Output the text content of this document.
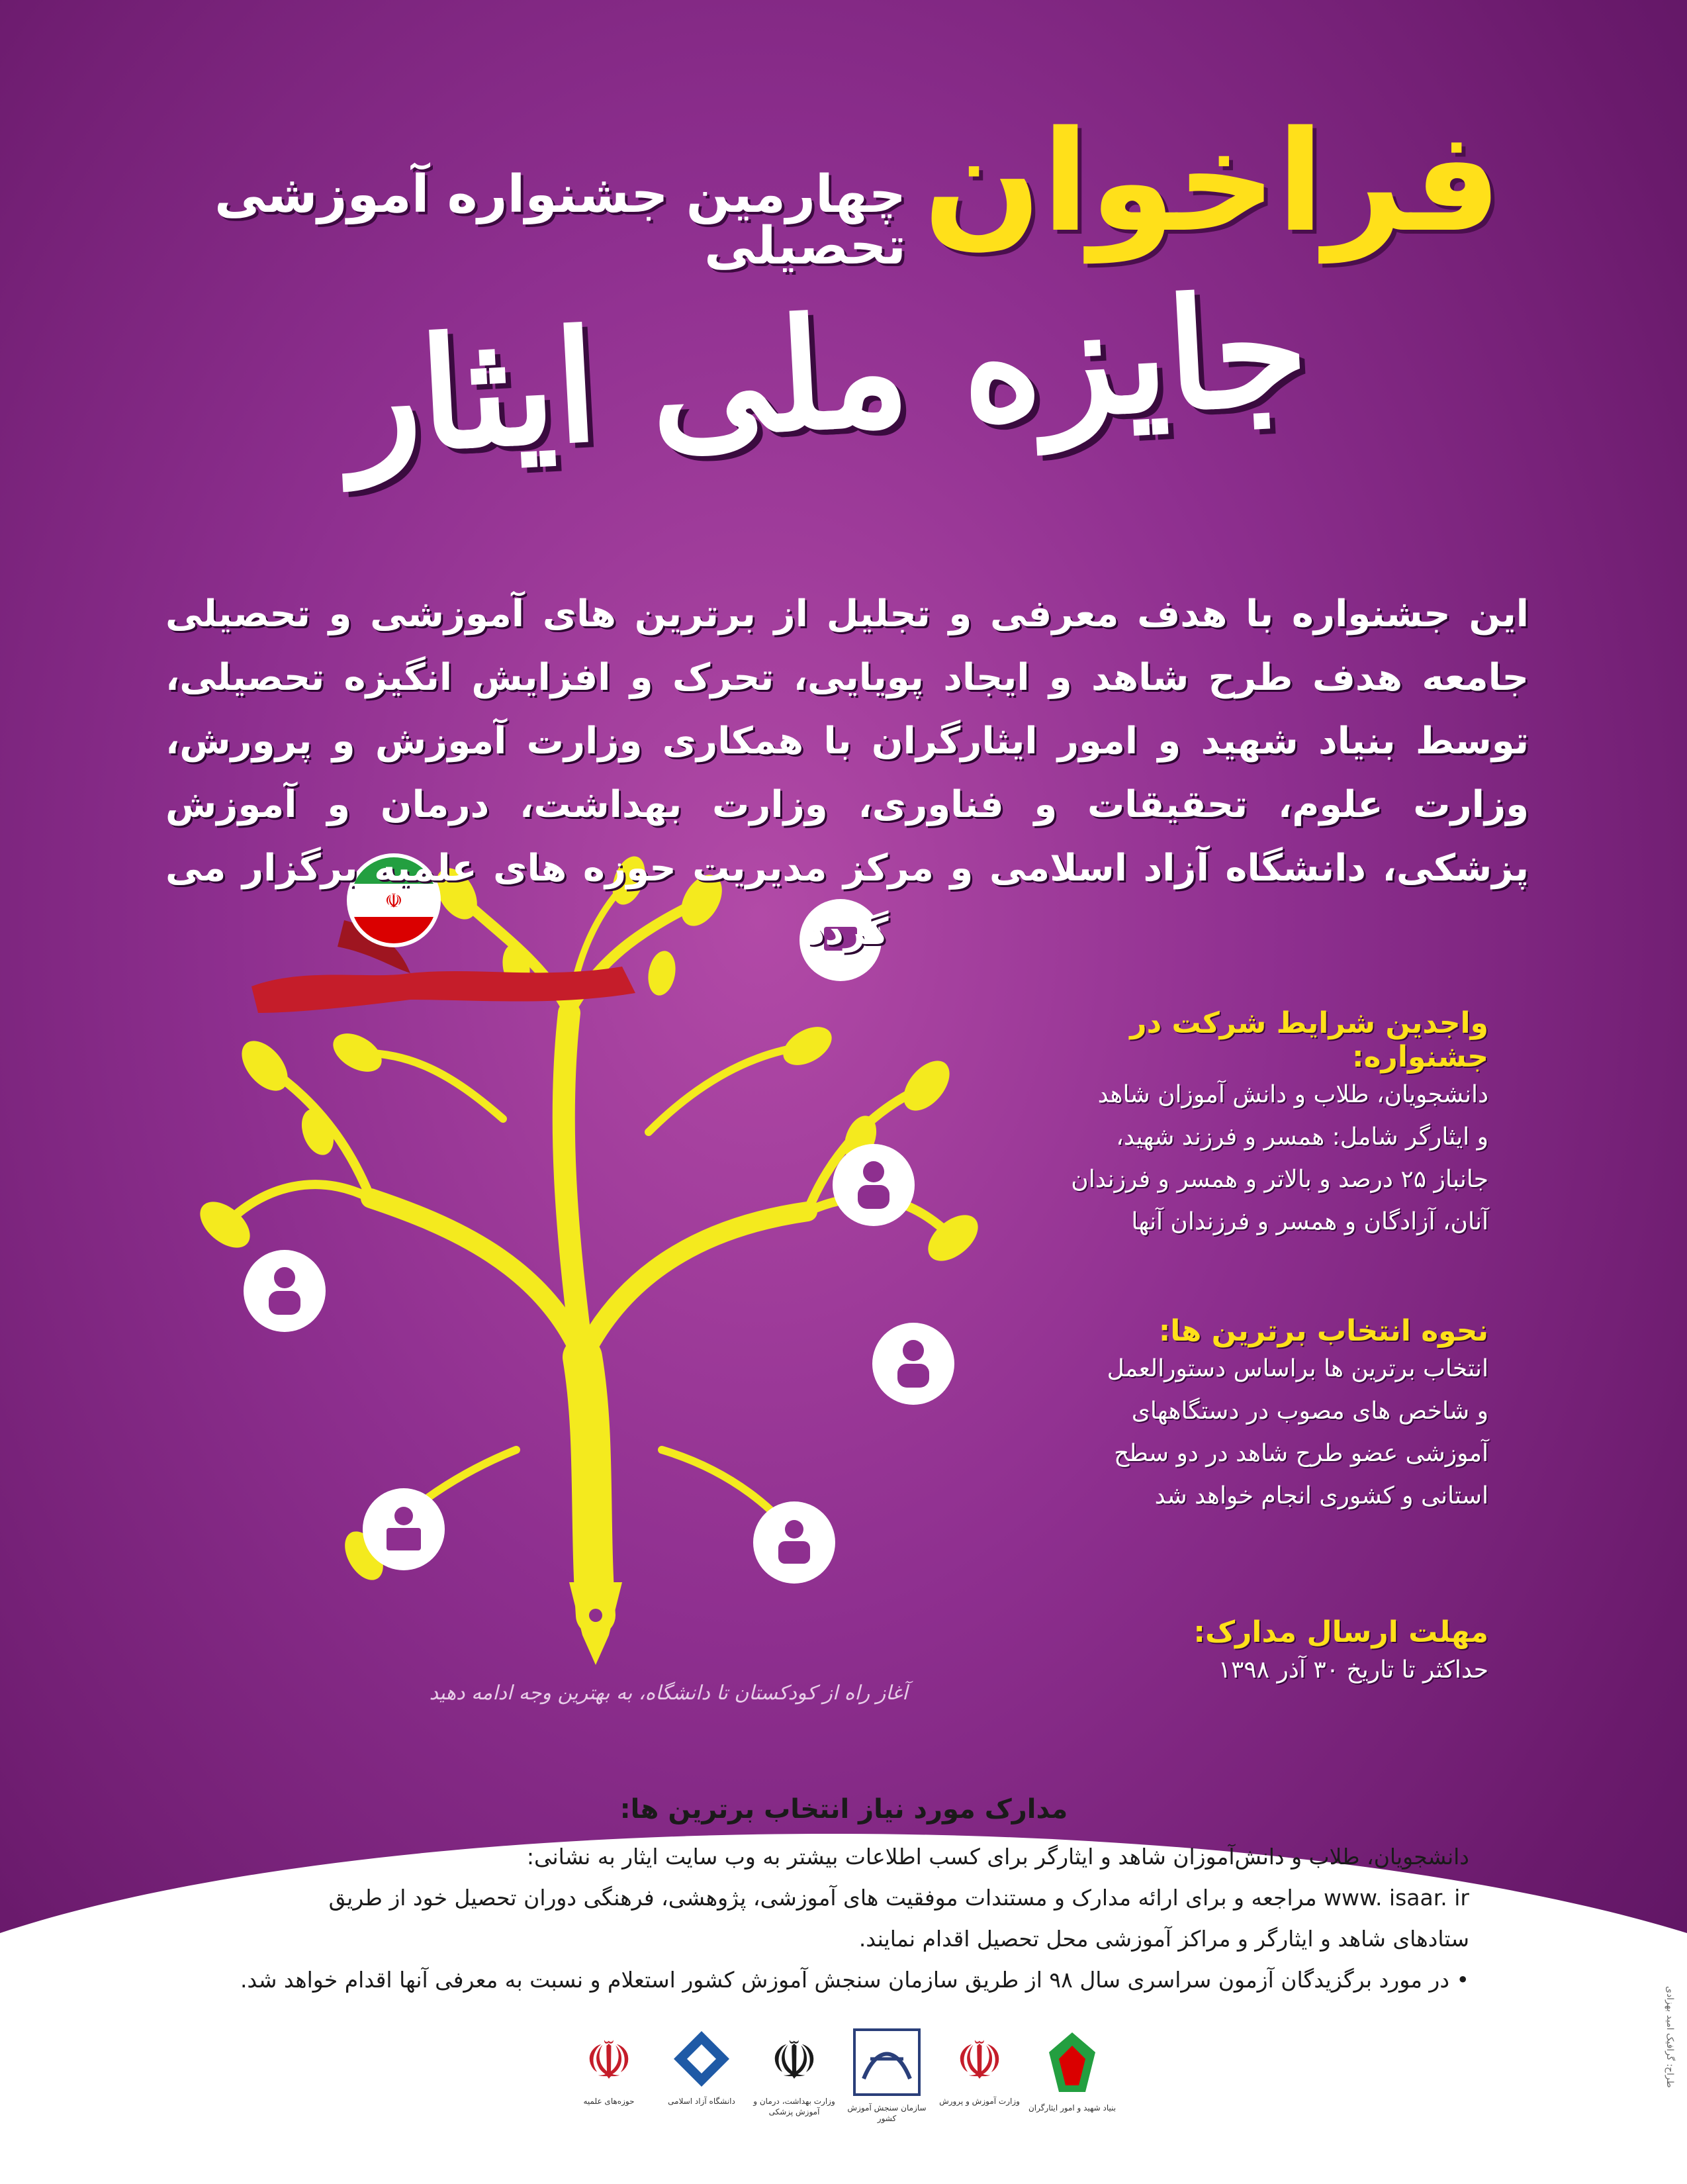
☫
فراخوان
چهارمین جشنواره آموزشی تحصیلی
جایزه ملی ایثار
این جشنواره با هدف معرفی و تجلیل از برترین های آموزشی و تحصیلی جامعه هدف طرح شاهد و ایجاد پویایی، تحرک و افزایش انگیزه تحصیلی، توسط بنیاد شهید و امور ایثارگران با همکاری وزارت آموزش و پرورش، وزارت علوم، تحقیقات و فناوری، وزارت بهداشت، درمان و آموزش پزشکی، دانشگاه آزاد اسلامی و مرکز مدیریت حوزه های علمیه برگزار می گردد
واجدین شرایط شرکت در جشنواره:
دانشجویان، طلاب و دانش آموزان شاهد
و ایثارگر شامل: همسر و فرزند شهید،
جانباز ۲۵ درصد و بالاتر و همسر و فرزندان
آنان، آزادگان و همسر و فرزندان آنها
نحوه انتخاب برترین ها:
انتخاب برترین ها براساس دستورالعمل
و شاخص های مصوب در دستگاههای
آموزشی عضو طرح شاهد در دو سطح
استانی و کشوری انجام خواهد شد
مهلت ارسال مدارک:
حداکثر تا تاریخ ۳۰ آذر ۱۳۹۸
آغاز راه از کودکستان تا دانشگاه، به بهترین وجه ادامه دهید
مدارک مورد نیاز انتخاب برترین ها:
دانشجویان، طلاب و دانش‌آموزان شاهد و ایثارگر برای کسب اطلاعات بیشتر به وب سایت ایثار به نشانی:
www. isaar. ir مراجعه و برای ارائه مدارک و مستندات موفقیت های آموزشی، پژوهشی، فرهنگی دوران تحصیل خود از طریق
ستادهای شاهد و ایثارگر و مراکز آموزشی محل تحصیل اقدام نمایند.
• در مورد برگزیدگان آزمون سراسری سال ۹۸ از طریق سازمان سنجش آموزش کشور استعلام و نسبت به معرفی آنها اقدام خواهد شد.
☫
حوزه‌های علمیه	دانشگاه آزاد اسلامی
☫
وزارت بهداشت، درمان و آموزش پزشکی	سازمان سنجش آموزش کشور
☫
وزارت آموزش و پرورش
بنیاد شهید و امور ایثارگران
طراح: گرافیک امید بهزادی
